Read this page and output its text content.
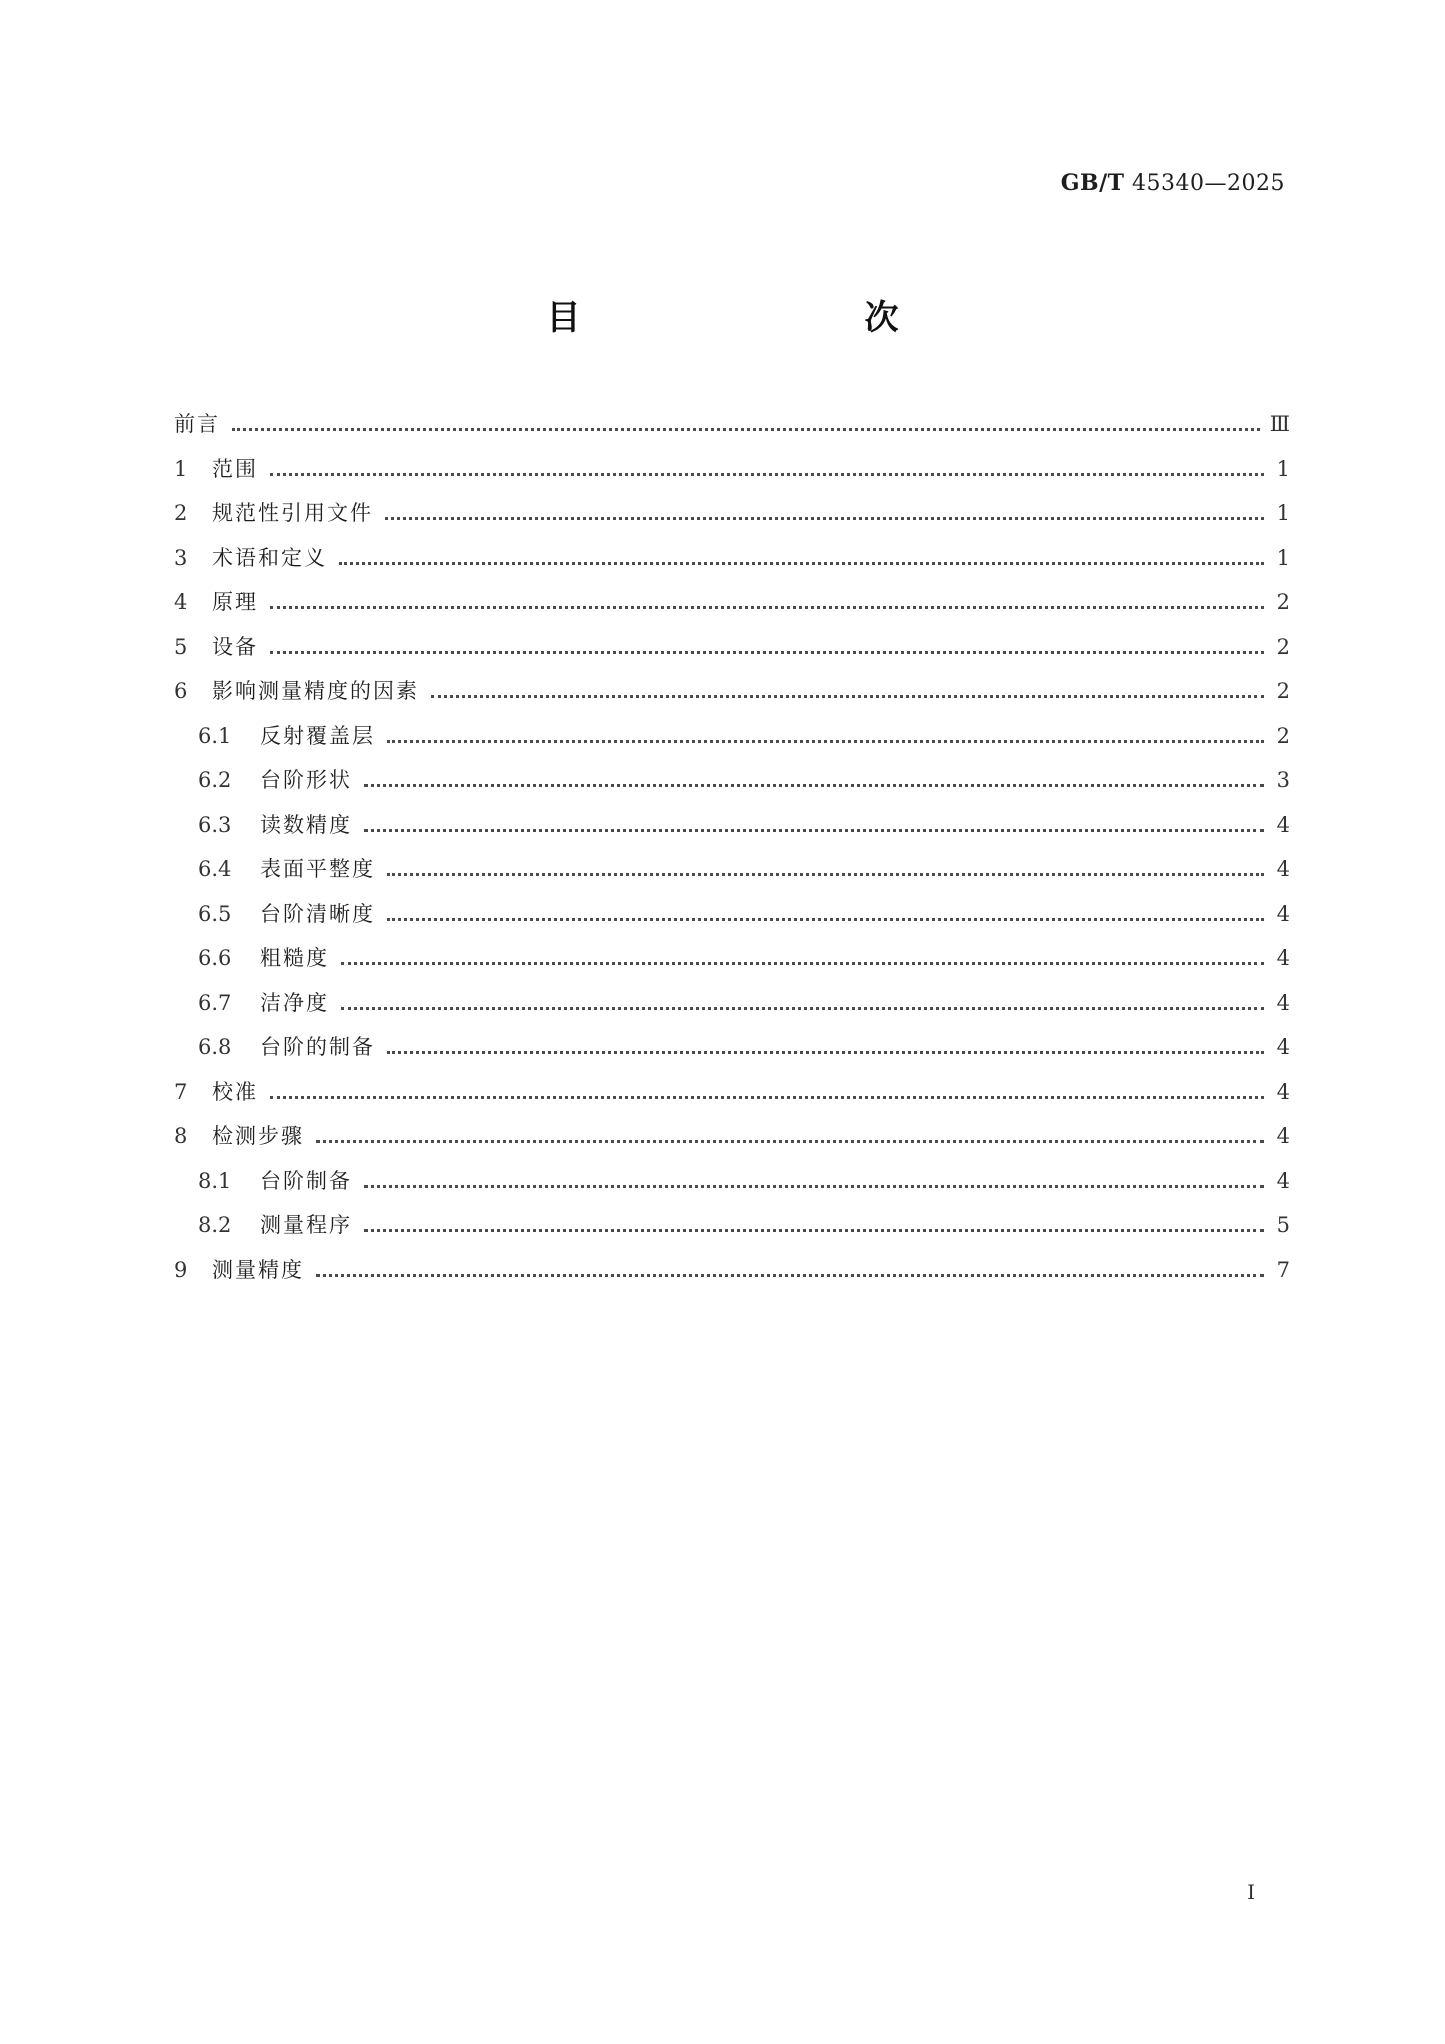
GB/T 45340—2025
目　　次
前言	Ⅲ
1	范围	1
2	规范性引用文件	1
3	术语和定义	1
4	原理	2
5	设备	2
6	影响测量精度的因素	2
6.1	反射覆盖层	2
6.2	台阶形状	3
6.3	读数精度	4
6.4	表面平整度	4
6.5	台阶清晰度	4
6.6	粗糙度	4
6.7	洁净度	4
6.8	台阶的制备	4
7	校准	4
8	检测步骤	4
8.1	台阶制备	4
8.2	测量程序	5
9	测量精度	7
Ⅰ
